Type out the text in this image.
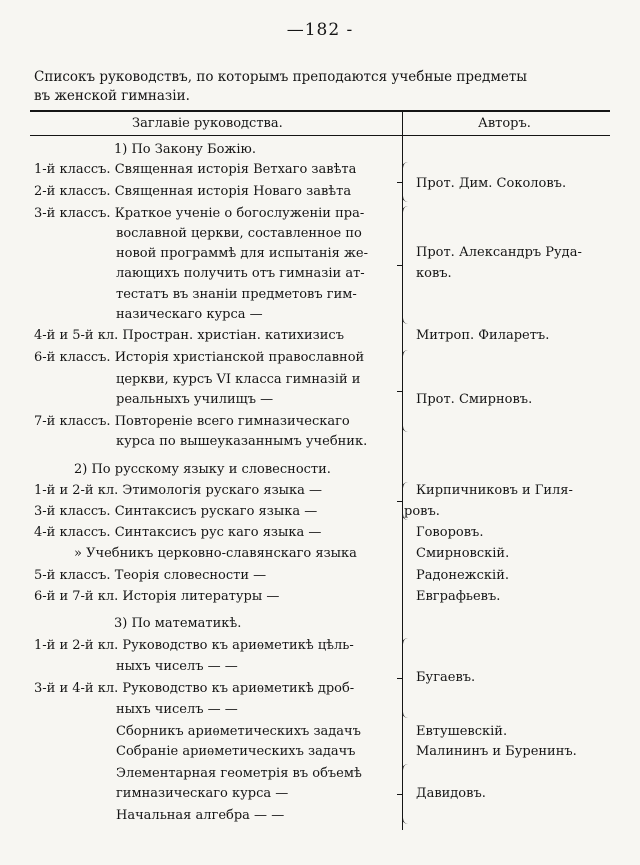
—182 -
Списокъ руководствъ, по которымъ преподаются учебные предметы
въ женской гимназіи.
Заглавіе руководства.	Авторъ.
1) По Закону Божію.
1-й классъ. Священная исторія Ветхаго завѣта
2-й классъ. Священная исторія Новаго завѣта
3-й классъ. Краткое ученіе о богослуженіи пра-
вославной церкви, составленное по
новой программѣ для испытанія же-
лающихъ получить отъ гимназіи ат-
тестатъ въ знаніи предметовъ гим-
назическаго курса —
4-й и 5-й кл. Простран. христіан. катихизисъ
6-й классъ. Исторія христіанской православной
церкви, курсъ VI класса гимназій и
реальныхъ училищъ —
7-й классъ. Повтореніе всего гимназическаго
курса по вышеуказаннымъ учебник.
2) По русскому языку и словесности.
1-й и 2-й кл. Этимологія рускаго языка —
3-й классъ. Синтаксисъ рускаго языка —
4-й классъ. Синтаксисъ рус каго языка —
» Учебникъ церковно-славянскаго языка
5-й классъ. Теорія словесности —
6-й и 7-й кл. Исторія литературы —
3) По математикѣ.
1-й и 2-й кл. Руководство къ ариѳметикѣ цѣль-
ныхъ чиселъ — —
3-й и 4-й кл. Руководство къ ариѳметикѣ дроб-
ныхъ чиселъ — —
Сборникъ ариѳметическихъ задачъ
Собраніе ариѳметическихъ задачъ
Элементарная геометрія въ объемѣ
гимназическаго курса —
Начальная алгебра — —
Прот. Дим. Соколовъ.
Прот. Александръ Руда-
ковъ.
Митроп. Филаретъ.
Прот. Смирновъ.
Кирпичниковъ и Гиля-
ровъ.
Говоровъ.
Смирновскій.
Радонежскій.
Евграфьевъ.
Бугаевъ.
Евтушевскій.
Малининъ и Буренинъ.
Давидовъ.
